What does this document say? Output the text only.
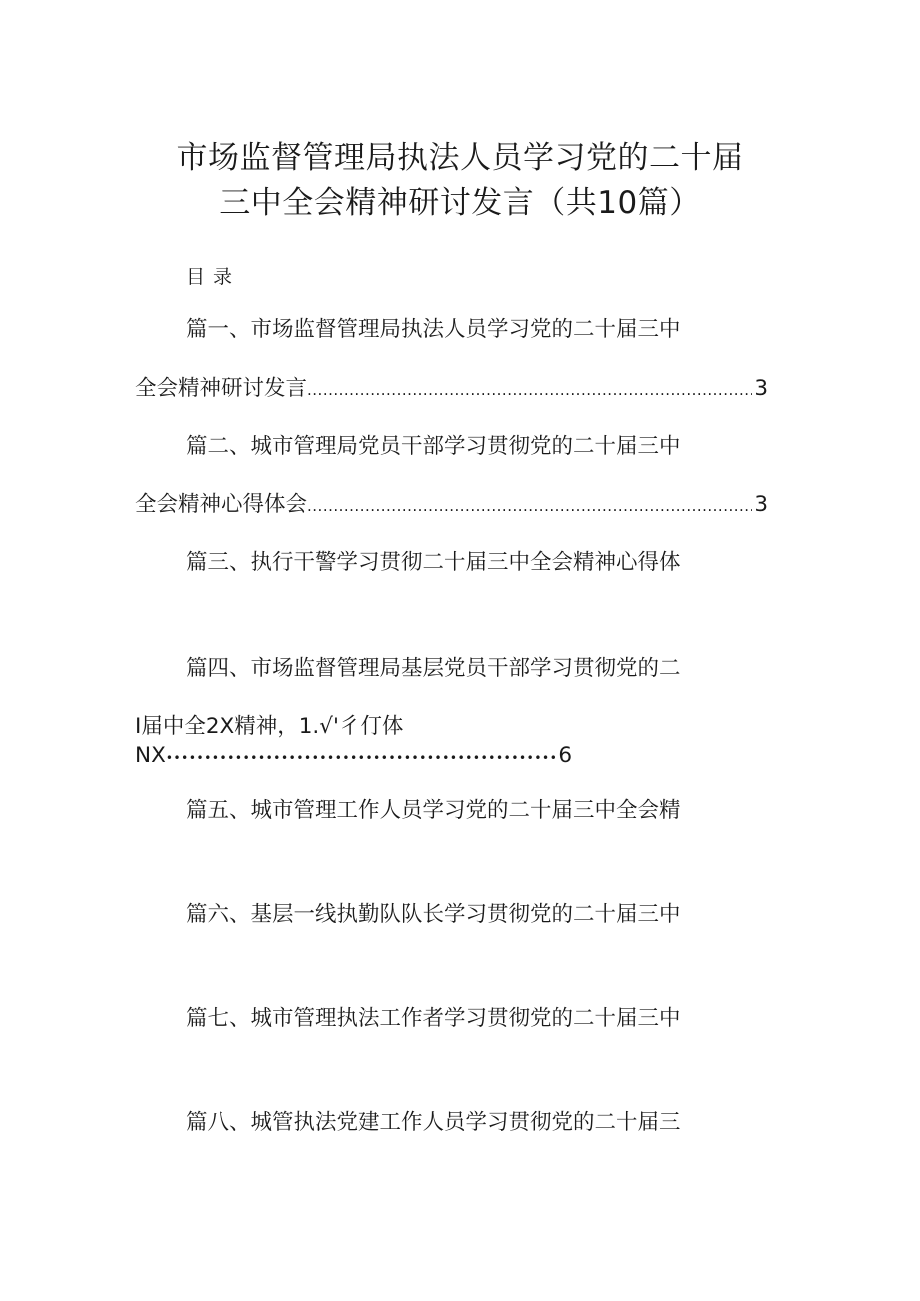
市场监督管理局执法人员学习党的二十届
三中全会精神研讨发言（共10篇）
目录
篇一、市场监督管理局执法人员学习党的二十届三中
全会精神研讨发言 .....	3
篇二、城市管理局党员干部学习贯彻党的二十届三中
全会精神心得体会 .....	3
篇三、执行干警学习贯彻二十届三中全会精神心得体
篇四、市场监督管理局基层党员干部学习贯彻党的二
I届中全2X精神，1.√'彳仃体
NX •••••	6
篇五、城市管理工作人员学习党的二十届三中全会精
篇六、基层一线执勤队队长学习贯彻党的二十届三中
篇七、城市管理执法工作者学习贯彻党的二十届三中
篇八、城管执法党建工作人员学习贯彻党的二十届三
